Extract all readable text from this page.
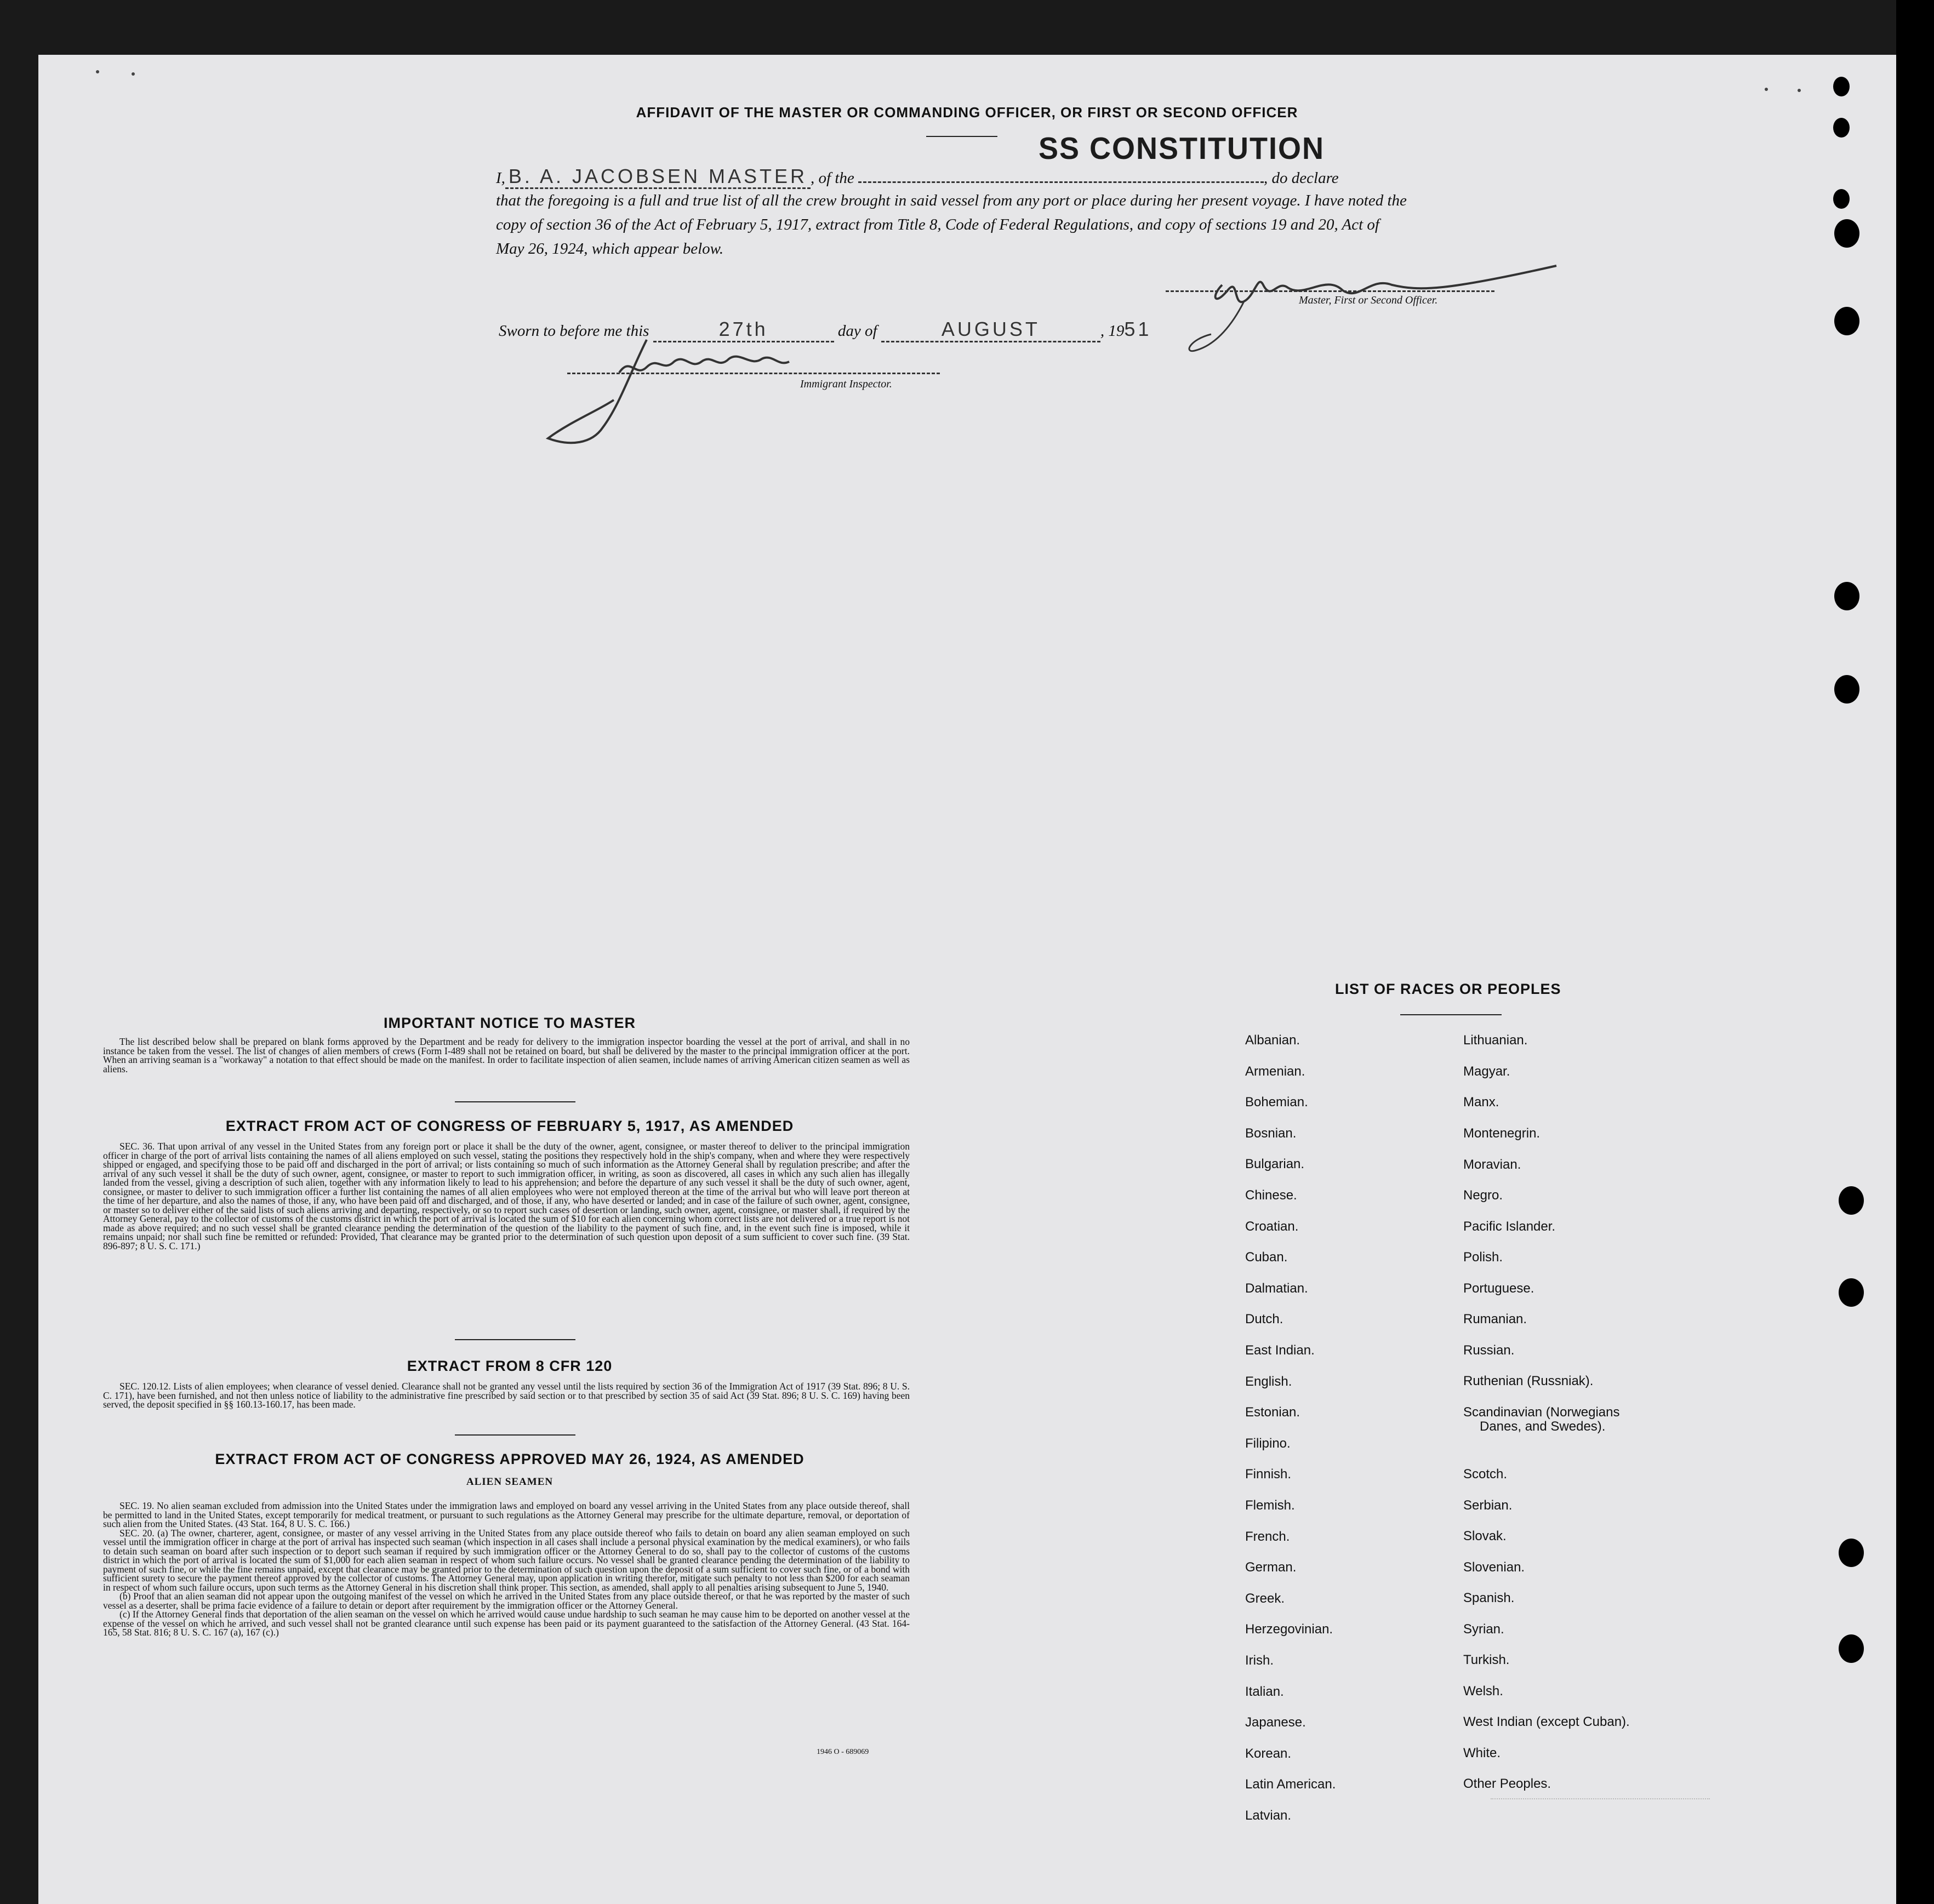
AFFIDAVIT OF THE MASTER OR COMMANDING OFFICER, OR FIRST OR SECOND OFFICER
SS CONSTITUTION
I, B. A. JACOBSEN MASTER , of the	, do declare
that the foregoing is a full and true list of all the crew brought in said vessel from any port or place during her present voyage. I have noted the
copy of section 36 of the Act of February 5, 1917, extract from Title 8, Code of Federal Regulations, and copy of sections 19 and 20, Act of
May 26, 1924, which appear below.
Master, First or Second Officer.
Sworn to before me this	27th	day of	AUGUST	, 1951
Immigrant Inspector.
IMPORTANT NOTICE TO MASTER

The list described below shall be prepared on blank forms approved by the Department and be ready for delivery to the immigration inspector boarding the vessel at the port of arrival, and shall in no instance be taken from the vessel. The list of changes of alien members of crews (Form I-489 shall not be retained on board, but shall be delivered by the master to the principal immigration officer at the port. When an arriving seaman is a "workaway" a notation to that effect should be made on the manifest. In order to facilitate inspection of alien seamen, include names of arriving American citizen seamen as well as aliens.

EXTRACT FROM ACT OF CONGRESS OF FEBRUARY 5, 1917, AS AMENDED

SEC. 36. That upon arrival of any vessel in the United States from any foreign port or place it shall be the duty of the owner, agent, consignee, or master thereof to deliver to the principal immigration officer in charge of the port of arrival lists containing the names of all aliens employed on such vessel, stating the positions they respectively hold in the ship's company, when and where they were respectively shipped or engaged, and specifying those to be paid off and discharged in the port of arrival; or lists containing so much of such information as the Attorney General shall by regulation prescribe; and after the arrival of any such vessel it shall be the duty of such owner, agent, consignee, or master to report to such immigration officer, in writing, as soon as discovered, all cases in which any such alien has illegally landed from the vessel, giving a description of such alien, together with any information likely to lead to his apprehension; and before the departure of any such vessel it shall be the duty of such owner, agent, consignee, or master to deliver to such immigration officer a further list containing the names of all alien employees who were not employed thereon at the time of the arrival but who will leave port thereon at the time of her departure, and also the names of those, if any, who have been paid off and discharged, and of those, if any, who have deserted or landed; and in case of the failure of such owner, agent, consignee, or master so to deliver either of the said lists of such aliens arriving and departing, respectively, or so to report such cases of desertion or landing, such owner, agent, consignee, or master shall, if required by the Attorney General, pay to the collector of customs of the customs district in which the port of arrival is located the sum of $10 for each alien concerning whom correct lists are not delivered or a true report is not made as above required; and no such vessel shall be granted clearance pending the determination of the question of the liability to the payment of such fine, and, in the event such fine is imposed, while it remains unpaid; nor shall such fine be remitted or refunded: Provided, That clearance may be granted prior to the determination of such question upon deposit of a sum sufficient to cover such fine. (39 Stat. 896-897; 8 U. S. C. 171.)

EXTRACT FROM 8 CFR 120

SEC. 120.12. Lists of alien employees; when clearance of vessel denied. Clearance shall not be granted any vessel until the lists required by section 36 of the Immigration Act of 1917 (39 Stat. 896; 8 U. S. C. 171), have been furnished, and not then unless notice of liability to the administrative fine prescribed by said section or to that prescribed by section 35 of said Act (39 Stat. 896; 8 U. S. C. 169) having been served, the deposit specified in §§ 160.13-160.17, has been made.

EXTRACT FROM ACT OF CONGRESS APPROVED MAY 26, 1924, AS AMENDED
ALIEN SEAMEN

SEC. 19. No alien seaman excluded from admission into the United States under the immigration laws and employed on board any vessel arriving in the United States from any place outside thereof, shall be permitted to land in the United States, except temporarily for medical treatment, or pursuant to such regulations as the Attorney General may prescribe for the ultimate departure, removal, or deportation of such alien from the United States. (43 Stat. 164, 8 U. S. C. 166.)

SEC. 20. (a) The owner, charterer, agent, consignee, or master of any vessel arriving in the United States from any place outside thereof who fails to detain on board any alien seaman employed on such vessel until the immigration officer in charge at the port of arrival has inspected such seaman (which inspection in all cases shall include a personal physical examination by the medical examiners), or who fails to detain such seaman on board after such inspection or to deport such seaman if required by such immigration officer or the Attorney General to do so, shall pay to the collector of customs of the customs district in which the port of arrival is located the sum of $1,000 for each alien seaman in respect of whom such failure occurs. No vessel shall be granted clearance pending the determination of the liability to payment of such fine, or while the fine remains unpaid, except that clearance may be granted prior to the determination of such question upon the deposit of a sum sufficient to cover such fine, or of a bond with sufficient surety to secure the payment thereof approved by the collector of customs. The Attorney General may, upon application in writing therefor, mitigate such penalty to not less than $200 for each seaman in respect of whom such failure occurs, upon such terms as the Attorney General in his discretion shall think proper. This section, as amended, shall apply to all penalties arising subsequent to June 5, 1940.

(b) Proof that an alien seaman did not appear upon the outgoing manifest of the vessel on which he arrived in the United States from any place outside thereof, or that he was reported by the master of such vessel as a deserter, shall be prima facie evidence of a failure to detain or deport after requirement by the immigration officer or the Attorney General.

(c) If the Attorney General finds that deportation of the alien seaman on the vessel on which he arrived would cause undue hardship to such seaman he may cause him to be deported on another vessel at the expense of the vessel on which he arrived, and such vessel shall not be granted clearance until such expense has been paid or its payment guaranteed to the satisfaction of the Attorney General. (43 Stat. 164-165, 58 Stat. 816; 8 U. S. C. 167 (a), 167 (c).)

1946 O - 689069
LIST OF RACES OR PEOPLES
Albanian.
Armenian.
Bohemian.
Bosnian.
Bulgarian.
Chinese.
Croatian.
Cuban.
Dalmatian.
Dutch.
East Indian.
English.
Estonian.
Filipino.
Finnish.
Flemish.
French.
German.
Greek.
Herzegovinian.
Irish.
Italian.
Japanese.
Korean.
Latin American.
Latvian.
Lithuanian.
Magyar.
Manx.
Montenegrin.
Moravian.
Negro.
Pacific Islander.
Polish.
Portuguese.
Rumanian.
Russian.
Ruthenian (Russniak).
Scandinavian (Norwegians
Danes, and Swedes).
Scotch.
Serbian.
Slovak.
Slovenian.
Spanish.
Syrian.
Turkish.
Welsh.
West Indian (except Cuban).
White.
Other Peoples.
